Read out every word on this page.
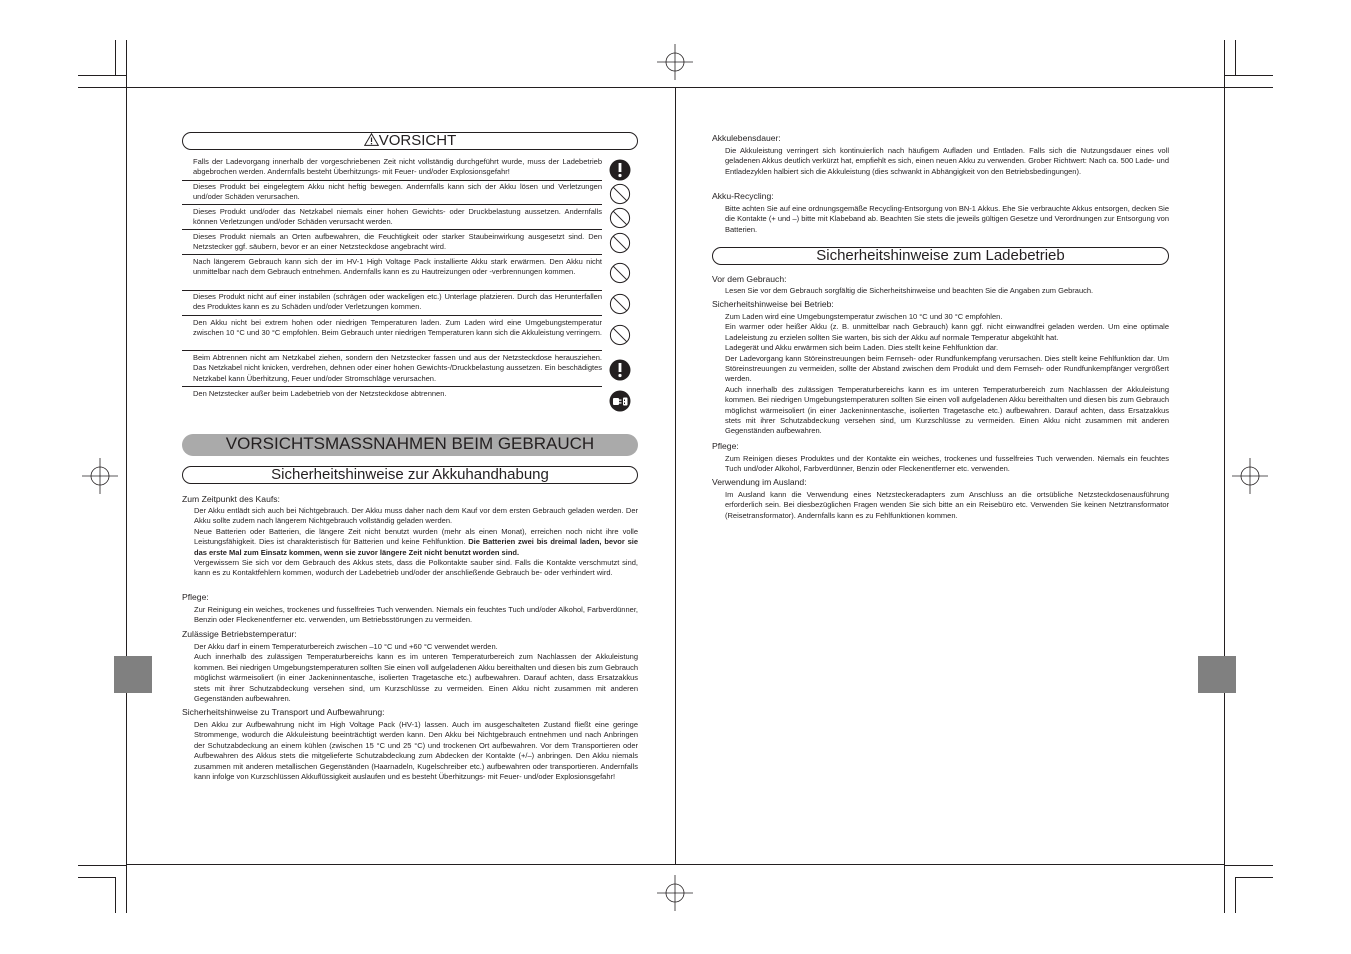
VORSICHT
Falls der Ladevorgang innerhalb der vorgeschriebenen Zeit nicht vollständig durchgeführt wurde, muss der Ladebetrieb abgebrochen werden. Andernfalls besteht Überhitzungs- mit Feuer- und/oder Explosionsgefahr!
Dieses Produkt bei eingelegtem Akku nicht heftig bewegen. Andernfalls kann sich der Akku lösen und Verletzungen und/oder Schäden verursachen.
Dieses Produkt und/oder das Netzkabel niemals einer hohen Gewichts- oder Druckbelastung aussetzen. Andernfalls können Verletzungen und/oder Schäden verursacht werden.
Dieses Produkt niemals an Orten aufbewahren, die Feuchtigkeit oder starker Staubeinwirkung ausgesetzt sind. Den Netzstecker ggf. säubern, bevor er an einer Netzsteckdose angebracht wird.
Nach längerem Gebrauch kann sich der im HV-1 High Voltage Pack installierte Akku stark erwärmen. Den Akku nicht unmittelbar nach dem Gebrauch entnehmen. Andernfalls kann es zu Hautreizungen oder -verbrennungen kommen.
Dieses Produkt nicht auf einer instabilen (schrägen oder wackeligen etc.) Unterlage platzieren. Durch das Herunterfallen des Produktes kann es zu Schäden und/oder Verletzungen kommen.
Den Akku nicht bei extrem hohen oder niedrigen Temperaturen laden. Zum Laden wird eine Umgebungstemperatur zwischen 10 °C und 30 °C empfohlen. Beim Gebrauch unter niedrigen Temperaturen kann sich die Akkuleistung verringern.
Beim Abtrennen nicht am Netzkabel ziehen, sondern den Netzstecker fassen und aus der Netzsteckdose herausziehen. Das Netzkabel nicht knicken, verdrehen, dehnen oder einer hohen Gewichts-/Druckbelastung aussetzen. Ein beschädigtes Netzkabel kann Überhitzung, Feuer und/oder Stromschläge verursachen.
Den Netzstecker außer beim Ladebetrieb von der Netzsteckdose abtrennen.
VORSICHTSMASSNAHMEN BEIM GEBRAUCH
Sicherheitshinweise zur Akkuhandhabung
Zum Zeitpunkt des Kaufs:

Der Akku entlädt sich auch bei Nichtgebrauch. Der Akku muss daher nach dem Kauf vor dem ersten Gebrauch geladen werden. Der Akku sollte zudem nach längerem Nichtgebrauch vollständig geladen werden.

Neue Batterien oder Batterien, die längere Zeit nicht benutzt wurden (mehr als einen Monat), erreichen noch nicht ihre volle Leistungsfähigkeit. Dies ist charakteristisch für Batterien und keine Fehlfunktion. Die Batterien zwei bis dreimal laden, bevor sie das erste Mal zum Einsatz kommen, wenn sie zuvor längere Zeit nicht benutzt worden sind.

Vergewissern Sie sich vor dem Gebrauch des Akkus stets, dass die Polkontakte sauber sind. Falls die Kontakte verschmutzt sind, kann es zu Kontaktfehlern kommen, wodurch der Ladebetrieb und/oder der anschließende Gebrauch be- oder verhindert wird.

Pflege:

Zur Reinigung ein weiches, trockenes und fusselfreies Tuch verwenden. Niemals ein feuchtes Tuch und/oder Alkohol, Farbverdünner, Benzin oder Fleckenentferner etc. verwenden, um Betriebsstörungen zu vermeiden.

Zulässige Betriebstemperatur:

Der Akku darf in einem Temperaturbereich zwischen –10 °C und +60 °C verwendet werden.

Auch innerhalb des zulässigen Temperaturbereichs kann es im unteren Temperaturbereich zum Nachlassen der Akkuleistung kommen. Bei niedrigen Umgebungstemperaturen sollten Sie einen voll aufgeladenen Akku bereithalten und diesen bis zum Gebrauch möglichst wärmeisoliert (in einer Jackeninnentasche, isolierten Tragetasche etc.) aufbewahren. Darauf achten, dass Ersatzakkus stets mit ihrer Schutzabdeckung versehen sind, um Kurzschlüsse zu vermeiden. Einen Akku nicht zusammen mit anderen Gegenständen aufbewahren.

Sicherheitshinweise zu Transport und Aufbewahrung:

Den Akku zur Aufbewahrung nicht im High Voltage Pack (HV-1) lassen. Auch im ausgeschalteten Zustand fließt eine geringe Strommenge, wodurch die Akkuleistung beeinträchtigt werden kann. Den Akku bei Nichtgebrauch entnehmen und nach Anbringen der Schutzabdeckung an einem kühlen (zwischen 15 °C und 25 °C) und trockenen Ort aufbewahren. Vor dem Transportieren oder Aufbewahren des Akkus stets die mitgelieferte Schutzabdeckung zum Abdecken der Kontakte (+/–) anbringen. Den Akku niemals zusammen mit anderen metallischen Gegenständen (Haarnadeln, Kugelschreiber etc.) aufbewahren oder transportieren. Andernfalls kann infolge von Kurzschlüssen Akkuflüssigkeit auslaufen und es besteht Überhitzungs- mit Feuer- und/oder Explosionsgefahr!

Akkulebensdauer:

Die Akkuleistung verringert sich kontinuierlich nach häufigem Aufladen und Entladen. Falls sich die Nutzungsdauer eines voll geladenen Akkus deutlich verkürzt hat, empfiehlt es sich, einen neuen Akku zu verwenden. Grober Richtwert: Nach ca. 500 Lade- und Entladezyklen halbiert sich die Akkuleistung (dies schwankt in Abhängigkeit von den Betriebsbedingungen).

Akku-Recycling:

Bitte achten Sie auf eine ordnungsgemäße Recycling-Entsorgung von BN-1 Akkus. Ehe Sie verbrauchte Akkus entsorgen, decken Sie die Kontakte (+ und –) bitte mit Klabeband ab. Beachten Sie stets die jeweils gültigen Gesetze und Verordnungen zur Entsorgung von Batterien.

Sicherheitshinweise zum Ladebetrieb
Vor dem Gebrauch:

Lesen Sie vor dem Gebrauch sorgfältig die Sicherheitshinweise und beachten Sie die Angaben zum Gebrauch.

Sicherheitshinweise bei Betrieb:

Zum Laden wird eine Umgebungstemperatur zwischen 10 °C und 30 °C empfohlen.

Ein warmer oder heißer Akku (z. B. unmittelbar nach Gebrauch) kann ggf. nicht einwandfrei geladen werden. Um eine optimale Ladeleistung zu erzielen sollten Sie warten, bis sich der Akku auf normale Temperatur abgekühlt hat.

Ladegerät und Akku erwärmen sich beim Laden. Dies stellt keine Fehlfunktion dar.

Der Ladevorgang kann Störeinstreuungen beim Fernseh- oder Rundfunkempfang verursachen. Dies stellt keine Fehlfunktion dar. Um Störeinstreuungen zu vermeiden, sollte der Abstand zwischen dem Produkt und dem Fernseh- oder Rundfunkempfänger vergrößert werden.

Auch innerhalb des zulässigen Temperaturbereichs kann es im unteren Temperaturbereich zum Nachlassen der Akkuleistung kommen. Bei niedrigen Umgebungstemperaturen sollten Sie einen voll aufgeladenen Akku bereithalten und diesen bis zum Gebrauch möglichst wärmeisoliert (in einer Jackeninnentasche, isolierten Tragetasche etc.) aufbewahren. Darauf achten, dass Ersatzakkus stets mit ihrer Schutzabdeckung versehen sind, um Kurzschlüsse zu vermeiden. Einen Akku nicht zusammen mit anderen Gegenständen aufbewahren.

Pflege:

Zum Reinigen dieses Produktes und der Kontakte ein weiches, trockenes und fusselfreies Tuch verwenden. Niemals ein feuchtes Tuch und/oder Alkohol, Farbverdünner, Benzin oder Fleckenentferner etc. verwenden.

Verwendung im Ausland:

Im Ausland kann die Verwendung eines Netzsteckeradapters zum Anschluss an die ortsübliche Netzsteckdosenausführung erforderlich sein. Bei diesbezüglichen Fragen wenden Sie sich bitte an ein Reisebüro etc. Verwenden Sie keinen Netztransformator (Reisetransformator). Andernfalls kann es zu Fehlfunktionen kommen.
